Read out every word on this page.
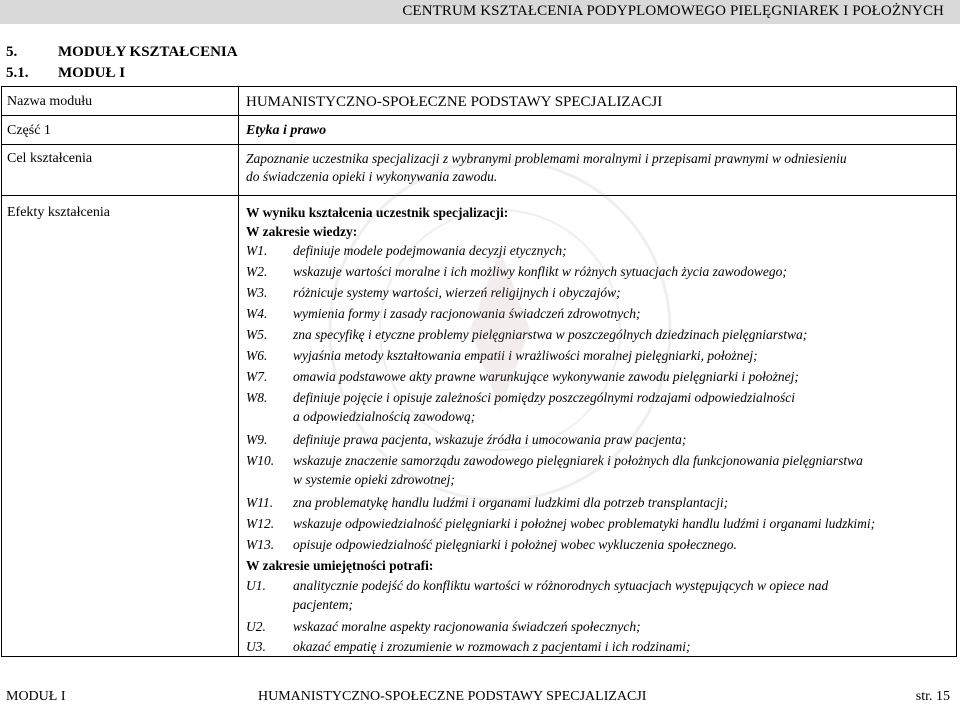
CENTRUM KSZTAŁCENIA PODYPLOMOWEGO PIELĘGNIAREK I POŁOŻNYCH
5.	MODUŁY KSZTAŁCENIA
5.1. MODUŁ I
Nazwa modułu	HUMANISTYCZNO-SPOŁECZNE PODSTAWY SPECJALIZACJI
Część 1	Etyka i prawo
Cel kształcenia	Zapoznanie uczestnika specjalizacji z wybranymi problemami moralnymi i przepisami prawnymi w odniesieniu
do świadczenia opieki i wykonywania zawodu.
Efekty kształcenia	W wyniku kształcenia uczestnik specjalizacji:
W zakresie wiedzy:
W1. definiuje modele podejmowania decyzji etycznych;
W2. wskazuje wartości moralne i ich możliwy konflikt w różnych sytuacjach życia zawodowego;
W3. różnicuje systemy wartości, wierzeń religijnych i obyczajów;
W4. wymienia formy i zasady racjonowania świadczeń zdrowotnych;
W5. zna specyfikę i etyczne problemy pielęgniarstwa w poszczególnych dziedzinach pielęgniarstwa;
W6. wyjaśnia metody kształtowania empatii i wrażliwości moralnej pielęgniarki, położnej;
W7. omawia podstawowe akty prawne warunkujące wykonywanie zawodu pielęgniarki i położnej;
W8. definiuje pojęcie i opisuje zależności pomiędzy poszczególnymi rodzajami odpowiedzialności
a odpowiedzialnością zawodową;
W9. definiuje prawa pacjenta, wskazuje źródła i umocowania praw pacjenta;
W10. wskazuje znaczenie samorządu zawodowego pielęgniarek i położnych dla funkcjonowania pielęgniarstwa
w systemie opieki zdrowotnej;
W11. zna problematykę handlu ludźmi i organami ludzkimi dla potrzeb transplantacji;
W12. wskazuje odpowiedzialność pielęgniarki i położnej wobec problematyki handlu ludźmi i organami ludzkimi;
W13. opisuje odpowiedzialność pielęgniarki i położnej wobec wykluczenia społecznego.
W zakresie umiejętności potrafi:
U1. analitycznie podejść do konfliktu wartości w różnorodnych sytuacjach występujących w opiece nad
pacjentem;
U2. wskazać moralne aspekty racjonowania świadczeń społecznych;
U3. okazać empatię i zrozumienie w rozmowach z pacjentami i ich rodzinami;
MODUŁ I	HUMANISTYCZNO-SPOŁECZNE PODSTAWY SPECJALIZACJI	str. 15
